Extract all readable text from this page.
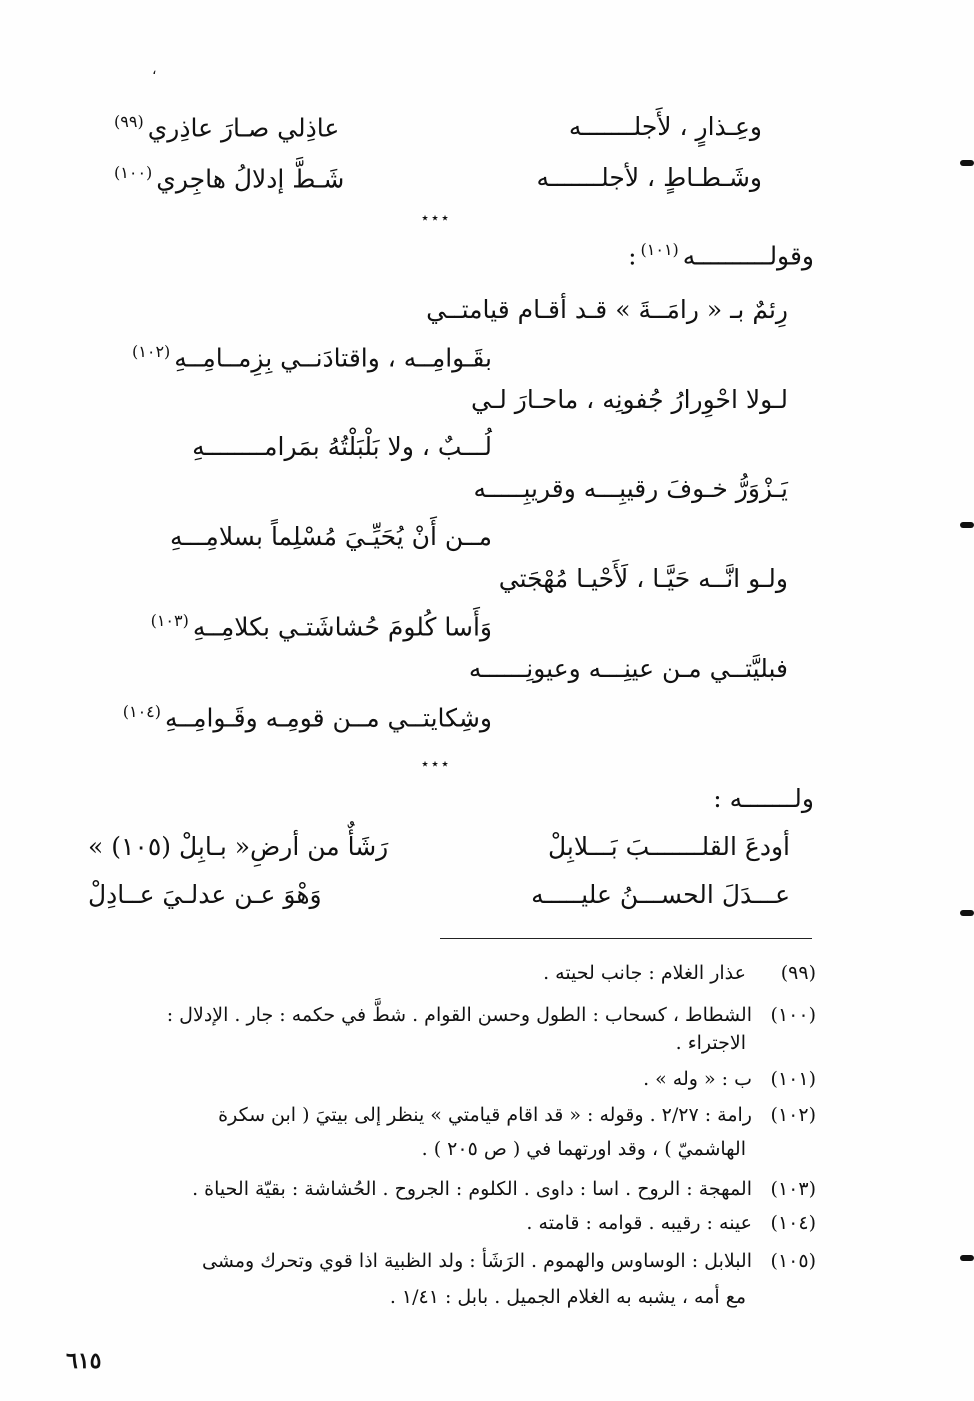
،
وعِـذارٍ ، لأَجلـــــــه
عاذِلي صـارَ عاذِري$^{(٩٩)}$
وشَـطـاطٍ ، لأجلـــــــه
شَـطَّ إدلالُ هاجِري$^{(١٠٠)}$
⋆⋆⋆
وقولــــــــــه$^{(١٠١)}$:
رِئمٌ بـ « رامَــةَ » قـد أقـام قيامتــي
بقَـوامِــه ، واقتادَنــي بِزِمــامِــهِ$^{(١٠٢)}$
لـولا احْوِرارُ جُفونِه ، ماحـارَ لـي
لُـــبٌ ، ولا بَلْبَلْتُهُ بمَرامــــــــهِ
يَـزْوَرُّ خـوفَ رقيبِـــه وقريبِـــــه
مــن أَنْ يُحَيِّـيَ مُسْلِماً بسلامِـــهِ
ولـو انَّــه حَيَّـا ، لَأَحْيـا مُهْجَتي
وَأَسا كُلومَ حُشاشَتـي بكلامِــهِ$^{(١٠٣)}$
فبليَّتــي مـن عينِـــه وعيونِــــــه
وشِكايتــي مــن قومِـه وقَـوامِــهِ$^{(١٠٤)}$
⋆⋆⋆
ولـــــــه :
أودعَ القلـــــــبَ بَـــلابِلْ
رَشَأٌ من أرضِ« بـابِلْ (١٠٥) »
عـــدَلَ الحســـنُ عليـــــه
وَهْوَ عـن عدلـيَ عــادِلْ
(٩٩)
عذار الغلام : جانب لحيته .
(١٠٠)
الشطاط ، كسحاب : الطول وحسن القوام . شطَّ في حكمه : جار . الإدلال :
الاجتراء .
(١٠١)
ب : « وله » .
(١٠٢)
رامة : ٢/٢٧ . وقوله : « قد اقام قيامتي » ينظر إلى بيتيَ ( ابن سكرة
الهاشميّ ) ، وقد اورتهما في ( ص ٢٠٥ ) .
(١٠٣)
المهجة : الروح . اسا : داوى . الكلوم : الجروح . الحُشاشة : بقيّة الحياة .
(١٠٤)
عينه : رقيبه . قوامه : قامته .
(١٠٥)
البلابل : الوساوس والهموم . الرَشَأ : ولد الظبية اذا قوي وتحرك ومشى
مع أمه ، يشبه به الغلام الجميل . بابل : ١/٤١ .
٦١٥
